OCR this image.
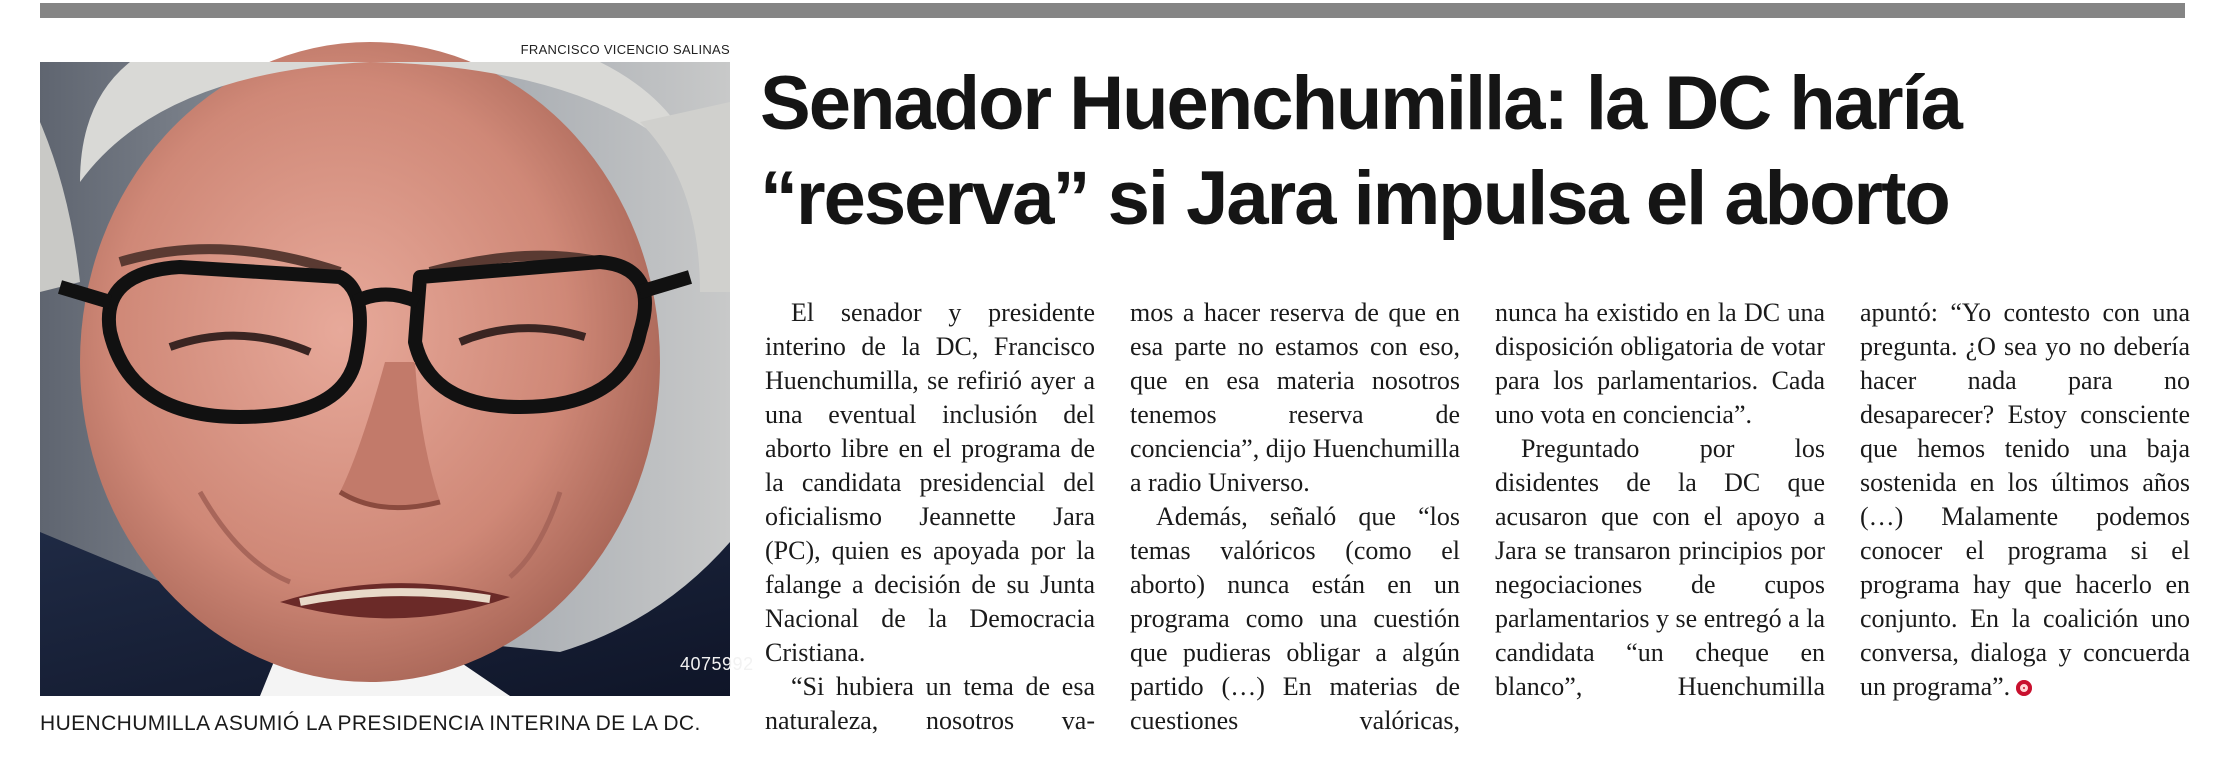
FRANCISCO VICENCIO SALINAS
4075992
HUENCHUMILLA ASUMIÓ LA PRESIDENCIA INTERINA DE LA DC.
Senador Huenchumilla: la DC haría
“reserva” si Jara impulsa el aborto

El senador y presidente interino de la DC, Francisco Huenchumilla, se refirió ayer a una eventual inclusión del aborto libre en el programa de la candidata presidencial del oficialismo Jeannette Jara (PC), quien es apoyada por la falange a decisión de su Junta Nacional de la Democracia Cristiana.

“Si hubiera un tema de esa naturaleza, nosotros va-

mos a hacer reserva de que en esa parte no estamos con eso, que en esa materia nosotros tenemos reserva de conciencia”, dijo Huenchumilla a radio Universo.

Además, señaló que “los temas valóricos (como el aborto) nunca están en un programa como una cuestión que pudieras obligar a algún partido (…) En materias de cuestiones valóricas,

nunca ha existido en la DC una disposición obligatoria de votar para los parlamentarios. Cada uno vota en conciencia”.

Preguntado por los disidentes de la DC que acusaron que con el apoyo a Jara se transaron principios por negociaciones de cupos parlamentarios y se entregó a la candidata “un cheque en blanco”, Huenchumilla

apuntó: “Yo contesto con una pregunta. ¿O sea yo no debería hacer nada para no desaparecer? Estoy consciente que hemos tenido una baja sostenida en los últimos años (…) Malamente podemos conocer el programa si el programa hay que hacerlo en conjunto. En la coalición uno conversa, dialoga y concuerda un programa”.
